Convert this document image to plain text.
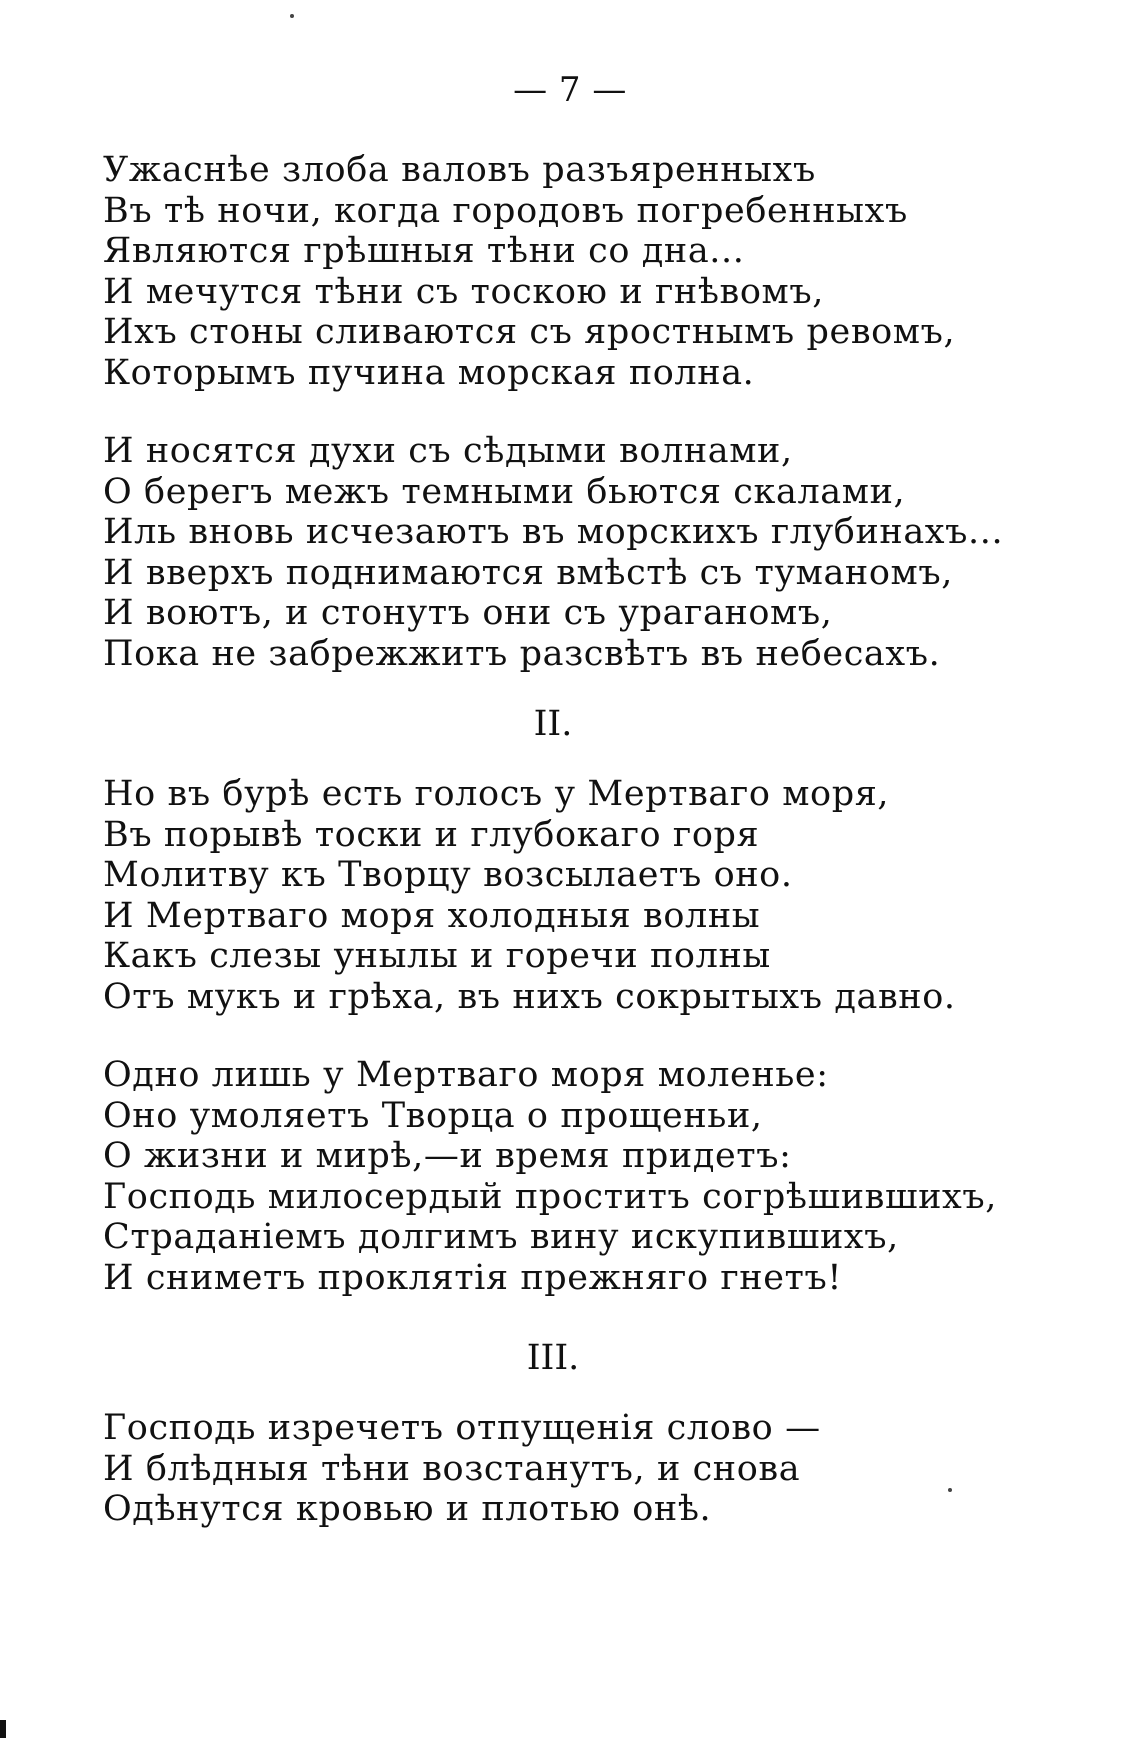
— 7 —
Ужаснѣе злоба валовъ разъяренныхъ
Въ тѣ ночи, когда городовъ погребенныхъ
Являются грѣшныя тѣни со дна...
И мечутся тѣни съ тоскою и гнѣвомъ,
Ихъ стоны сливаются съ яростнымъ ревомъ,
Которымъ пучина морская полна.
И носятся духи съ сѣдыми волнами,
О берегъ межъ темными бьются скалами,
Иль вновь исчезаютъ въ морскихъ глубинахъ...
И вверхъ поднимаются вмѣстѣ съ туманомъ,
И воютъ, и стонутъ они съ ураганомъ,
Пока не забрежжитъ разсвѣтъ въ небесахъ.
II.
Но въ бурѣ есть голосъ у Мертваго моря,
Въ порывѣ тоски и глубокаго горя
Молитву къ Творцу возсылаетъ оно.
И Мертваго моря холодныя волны
Какъ слезы унылы и горечи полны
Отъ мукъ и грѣха, въ нихъ сокрытыхъ давно.
Одно лишь у Мертваго моря моленье:
Оно умоляетъ Творца о прощеньи,
О жизни и мирѣ,—и время придетъ:
Господь милосердый проститъ согрѣшившихъ,
Страданіемъ долгимъ вину искупившихъ,
И сниметъ проклятія прежняго гнетъ!
III.
Господь изречетъ отпущенія слово —
И блѣдныя тѣни возстанутъ, и снова
Одѣнутся кровью и плотью онѣ.
